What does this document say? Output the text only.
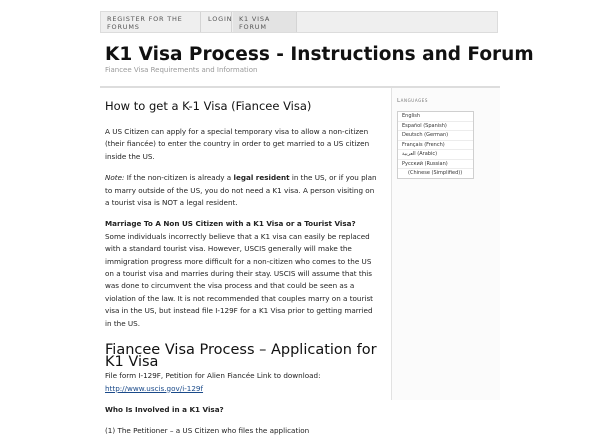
REGISTER FOR THE FORUMS
LOGIN	K1 VISA FORUM
K1 Visa Process - Instructions and Forum
Fiancee Visa Requirements and Information
How to get a K-1 Visa (Fiancee Visa)

A US Citizen can apply for a special temporary visa to allow a non-citizen (their fiancée) to enter the country in order to get married to a US citizen inside the US.

Note: If the non-citizen is already a legal resident in the US, or if you plan to marry outside of the US, you do not need a K1 visa. A person visiting on a tourist visa is NOT a legal resident.

Marriage To A Non US Citizen with a K1 Visa or a Tourist Visa?
Some individuals incorrectly believe that a K1 visa can easily be replaced with a standard tourist visa. However, USCIS generally will make the immigration progress more difficult for a non-citizen who comes to the US on a tourist visa and marries during their stay. USCIS will assume that this was done to circumvent the visa process and that could be seen as a violation of the law. It is not recommended that couples marry on a tourist visa in the US, but instead file I-129F for a K1 Visa prior to getting married in the US.

Fiancee Visa Process – Application for K1 Visa

File form I-129F, Petition for Alien Fiancée Link to download: http://www.uscis.gov/i-129f

Who Is Involved in a K1 Visa?

(1) The Petitioner – a US Citizen who files the application

Languages
English
Español (Spanish)
Deutsch (German)
Français (French)
العربية (Arabic)
Русский (Russian)
(Chinese (Simplified))
